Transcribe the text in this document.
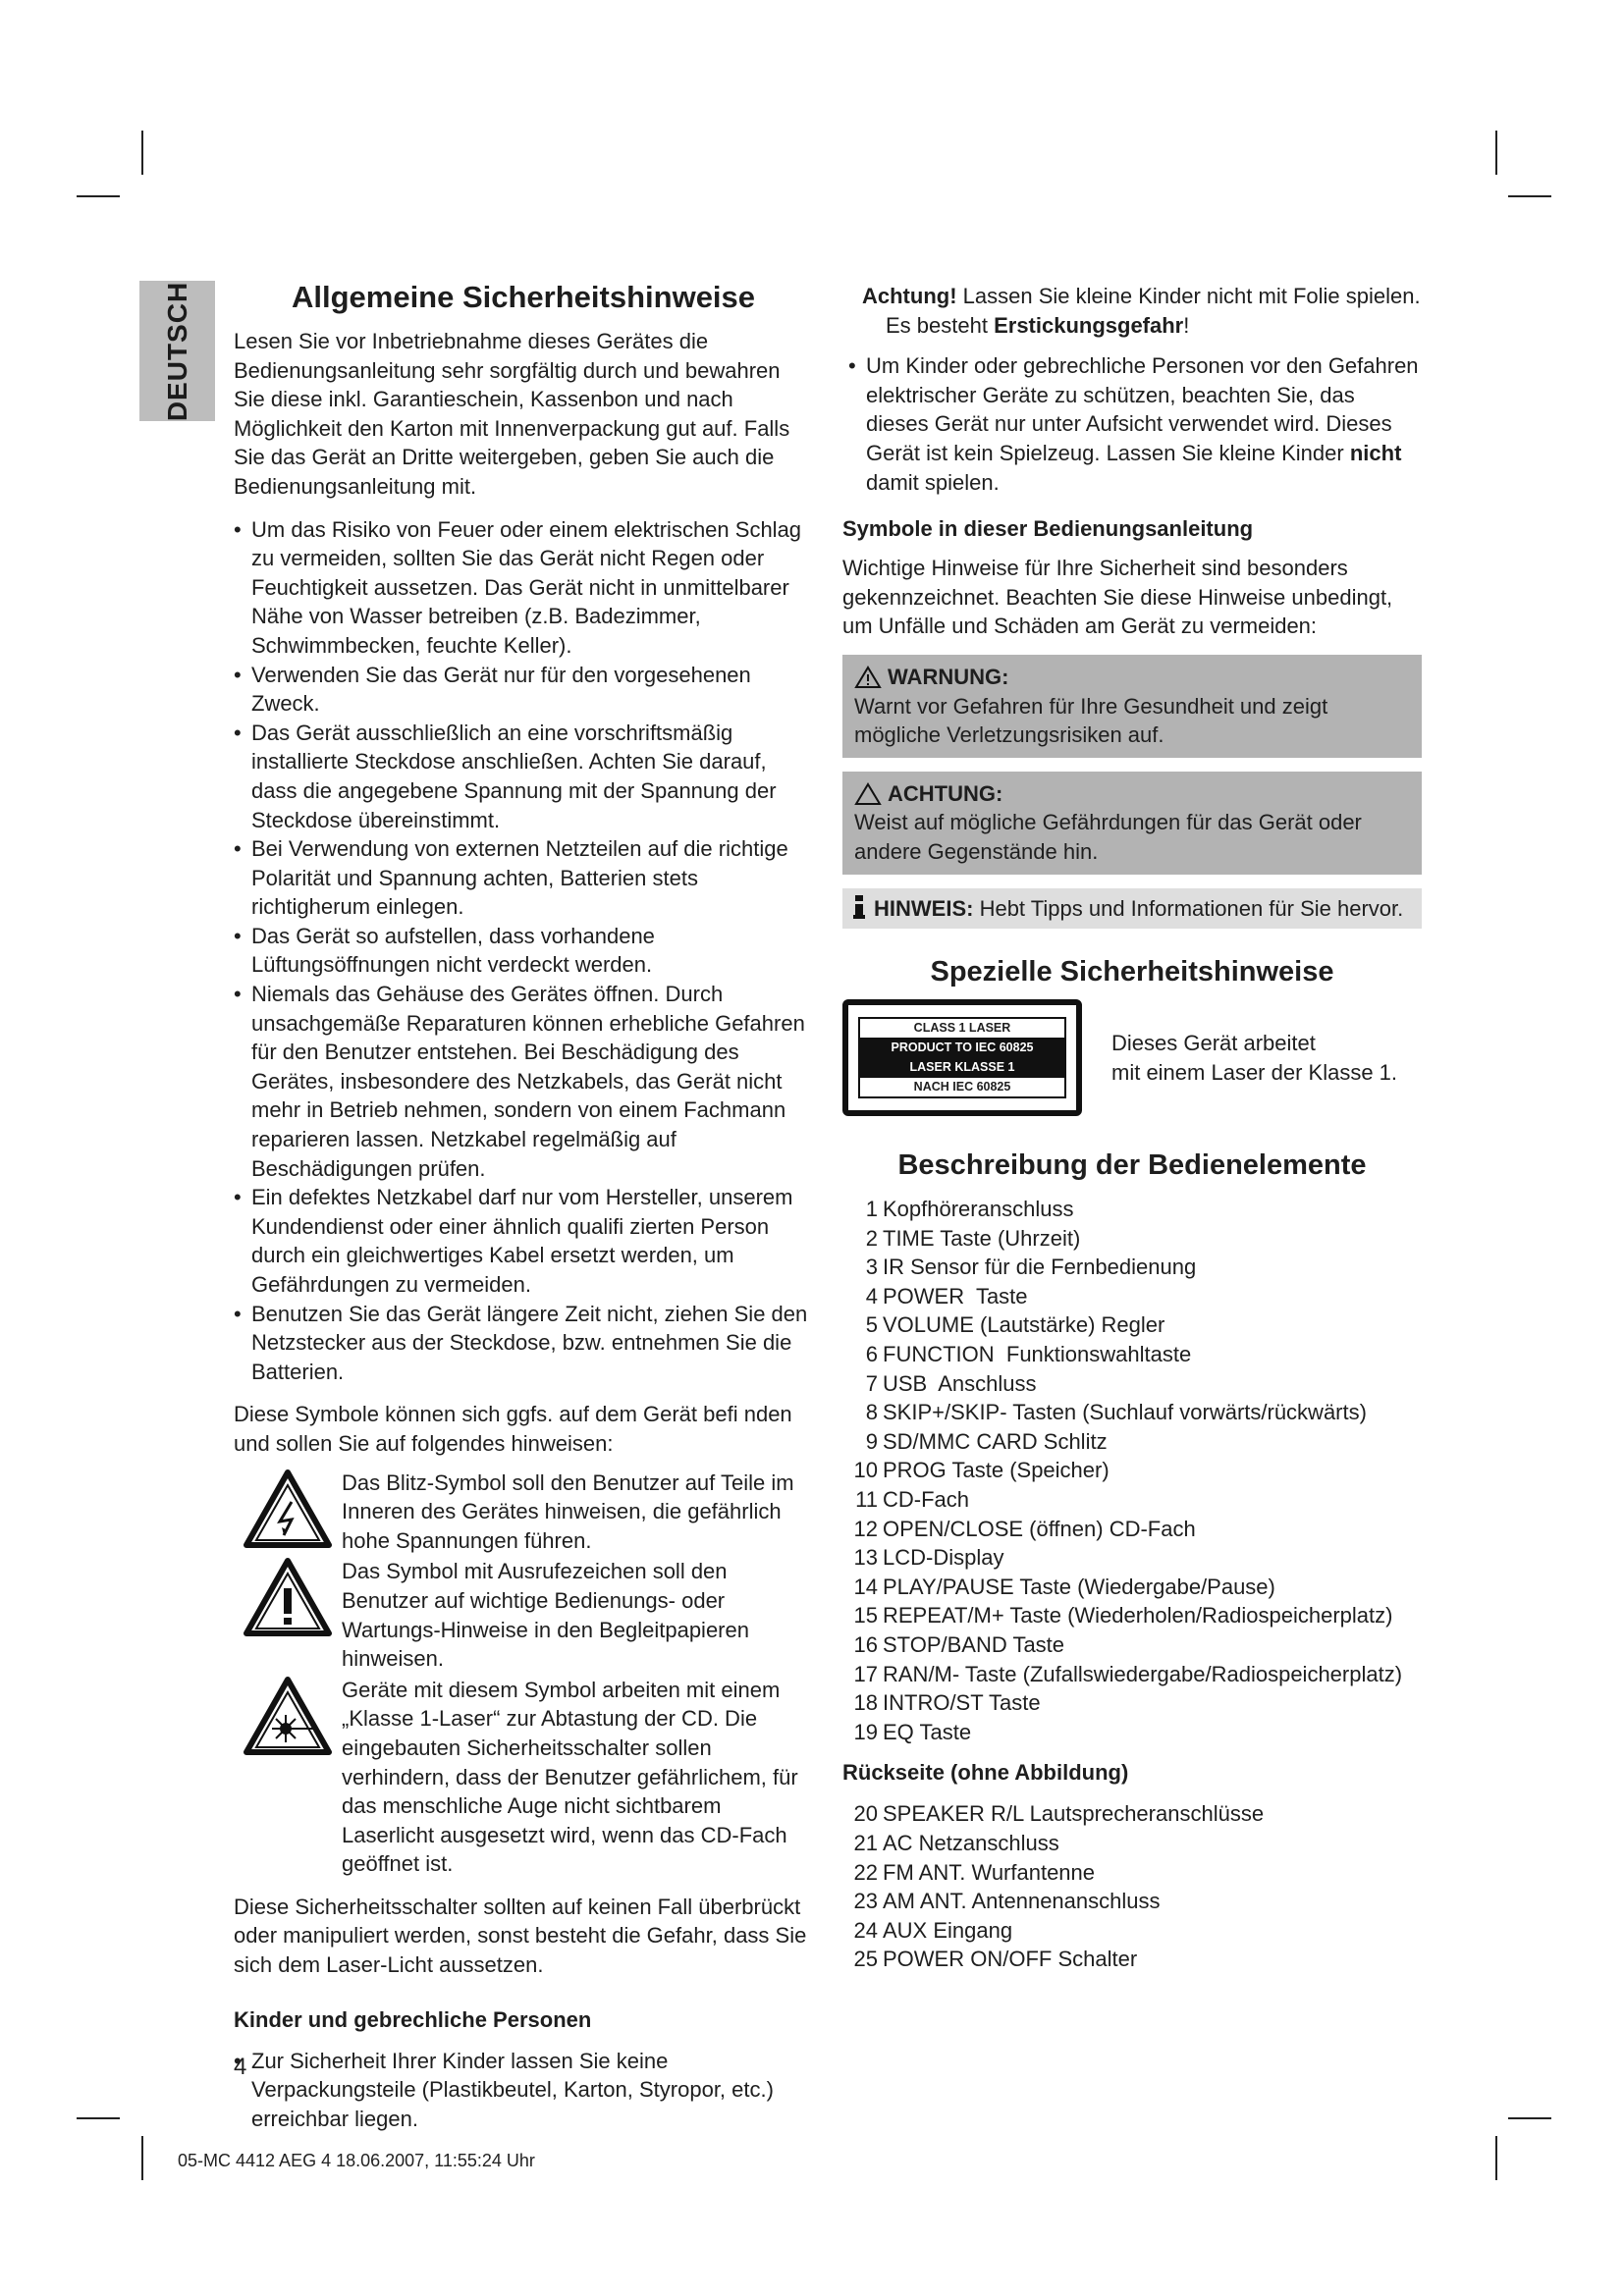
DEUTSCH	Allgemeine Sicherheitshinweise

Lesen Sie vor Inbetriebnahme dieses Gerätes die Bedienungsanleitung sehr sorgfältig durch und bewahren Sie diese inkl. Garantieschein, Kassenbon und nach Möglichkeit den Karton mit Innenverpackung gut auf. Falls Sie das Gerät an Dritte weitergeben, geben Sie auch die Bedienungsanleitung mit.

• Um das Risiko von Feuer oder einem elektrischen Schlag zu vermeiden, sollten Sie das Gerät nicht Regen oder Feuchtigkeit aussetzen. Das Gerät nicht in unmittelbarer Nähe von Wasser betreiben (z.B. Badezimmer, Schwimmbecken, feuchte Keller).
• Verwenden Sie das Gerät nur für den vorgesehenen Zweck.
• Das Gerät ausschließlich an eine vorschriftsmäßig installierte Steckdose anschließen. Achten Sie darauf, dass die angegebene Spannung mit der Spannung der Steckdose übereinstimmt.
• Bei Verwendung von externen Netzteilen auf die richtige Polarität und Spannung achten, Batterien stets richtigherum einlegen.
• Das Gerät so aufstellen, dass vorhandene Lüftungsöffnungen nicht verdeckt werden.
• Niemals das Gehäuse des Gerätes öffnen. Durch unsachgemäße Reparaturen können erhebliche Gefahren für den Benutzer entstehen. Bei Beschädigung des Gerätes, insbesondere des Netzkabels, das Gerät nicht mehr in Betrieb nehmen, sondern von einem Fachmann reparieren lassen. Netzkabel regelmäßig auf Beschädigungen prüfen.
• Ein defektes Netzkabel darf nur vom Hersteller, unserem Kundendienst oder einer ähnlich qualifi zierten Person durch ein gleichwertiges Kabel ersetzt werden, um Gefährdungen zu vermeiden.
• Benutzen Sie das Gerät längere Zeit nicht, ziehen Sie den Netzstecker aus der Steckdose, bzw. entnehmen Sie die Batterien.

Diese Symbole können sich ggfs. auf dem Gerät befi nden und sollen Sie auf folgendes hinweisen:

Das Blitz-Symbol soll den Benutzer auf Teile im Inneren des Gerätes hinweisen, die gefährlich hohe Spannungen führen.
Das Symbol mit Ausrufezeichen soll den Benutzer auf wichtige Bedienungs- oder Wartungs-Hinweise in den Begleitpapieren hinweisen.
Geräte mit diesem Symbol arbeiten mit einem „Klasse 1-Laser“ zur Abtastung der CD. Die eingebauten Sicherheitsschalter sollen verhindern, dass der Benutzer gefährlichem, für das menschliche Auge nicht sichtbarem Laserlicht ausgesetzt wird, wenn das CD-Fach geöffnet ist.

Diese Sicherheitsschalter sollten auf keinen Fall überbrückt oder manipuliert werden, sonst besteht die Gefahr, dass Sie sich dem Laser-Licht aussetzen.

Kinder und gebrechliche Personen
• Zur Sicherheit Ihrer Kinder lassen Sie keine Verpackungsteile (Plastikbeutel, Karton, Styropor, etc.) erreichbar liegen.

Achtung! Lassen Sie kleine Kinder nicht mit Folie spielen.

Es besteht Erstickungsgefahr!

• Um Kinder oder gebrechliche Personen vor den Gefahren elektrischer Geräte zu schützen, beachten Sie, das dieses Gerät nur unter Aufsicht verwendet wird. Dieses Gerät ist kein Spielzeug. Lassen Sie kleine Kinder nicht damit spielen.
Symbole in dieser Bedienungsanleitung

Wichtige Hinweise für Ihre Sicherheit sind besonders gekennzeichnet. Beachten Sie diese Hinweise unbedingt, um Unfälle und Schäden am Gerät zu vermeiden:

WARNUNG:
Warnt vor Gefahren für Ihre Gesundheit und zeigt mögliche Verletzungsrisiken auf.
ACHTUNG:
Weist auf mögliche Gefährdungen für das Gerät oder andere Gegenstände hin.
HINWEIS: Hebt Tipps und Informationen für Sie hervor.
Spezielle Sicherheitshinweise
CLASS 1 LASER
PRODUCT TO IEC 60825
LASER KLASSE 1
NACH IEC 60825
Dieses Gerät arbeitet
mit einem Laser der Klasse 1.
Beschreibung der Bedienelemente
1 Kopfhöreranschluss
2 TIME Taste (Uhrzeit)
3 IR Sensor für die Fernbedienung
4 POWER  Taste
5 VOLUME (Lautstärke) Regler
6 FUNCTION  Funktionswahltaste
7 USB  Anschluss
8 SKIP+/SKIP- Tasten (Suchlauf vorwärts/rückwärts)
9 SD/MMC CARD Schlitz
10 PROG Taste (Speicher)
11 CD-Fach
12 OPEN/CLOSE (öffnen) CD-Fach
13 LCD-Display
14 PLAY/PAUSE Taste (Wiedergabe/Pause)
15 REPEAT/M+ Taste (Wiederholen/Radiospeicherplatz)
16 STOP/BAND Taste
17 RAN/M- Taste (Zufallswiedergabe/Radiospeicherplatz)
18 INTRO/ST Taste
19 EQ Taste
Rückseite (ohne Abbildung)
20 SPEAKER R/L Lautsprecheranschlüsse
21 AC Netzanschluss
22 FM ANT. Wurfantenne
23 AM ANT. Antennenanschluss
24 AUX Eingang
25 POWER ON/OFF Schalter
4
05-MC 4412 AEG 4 18.06.2007, 11:55:24 Uhr
